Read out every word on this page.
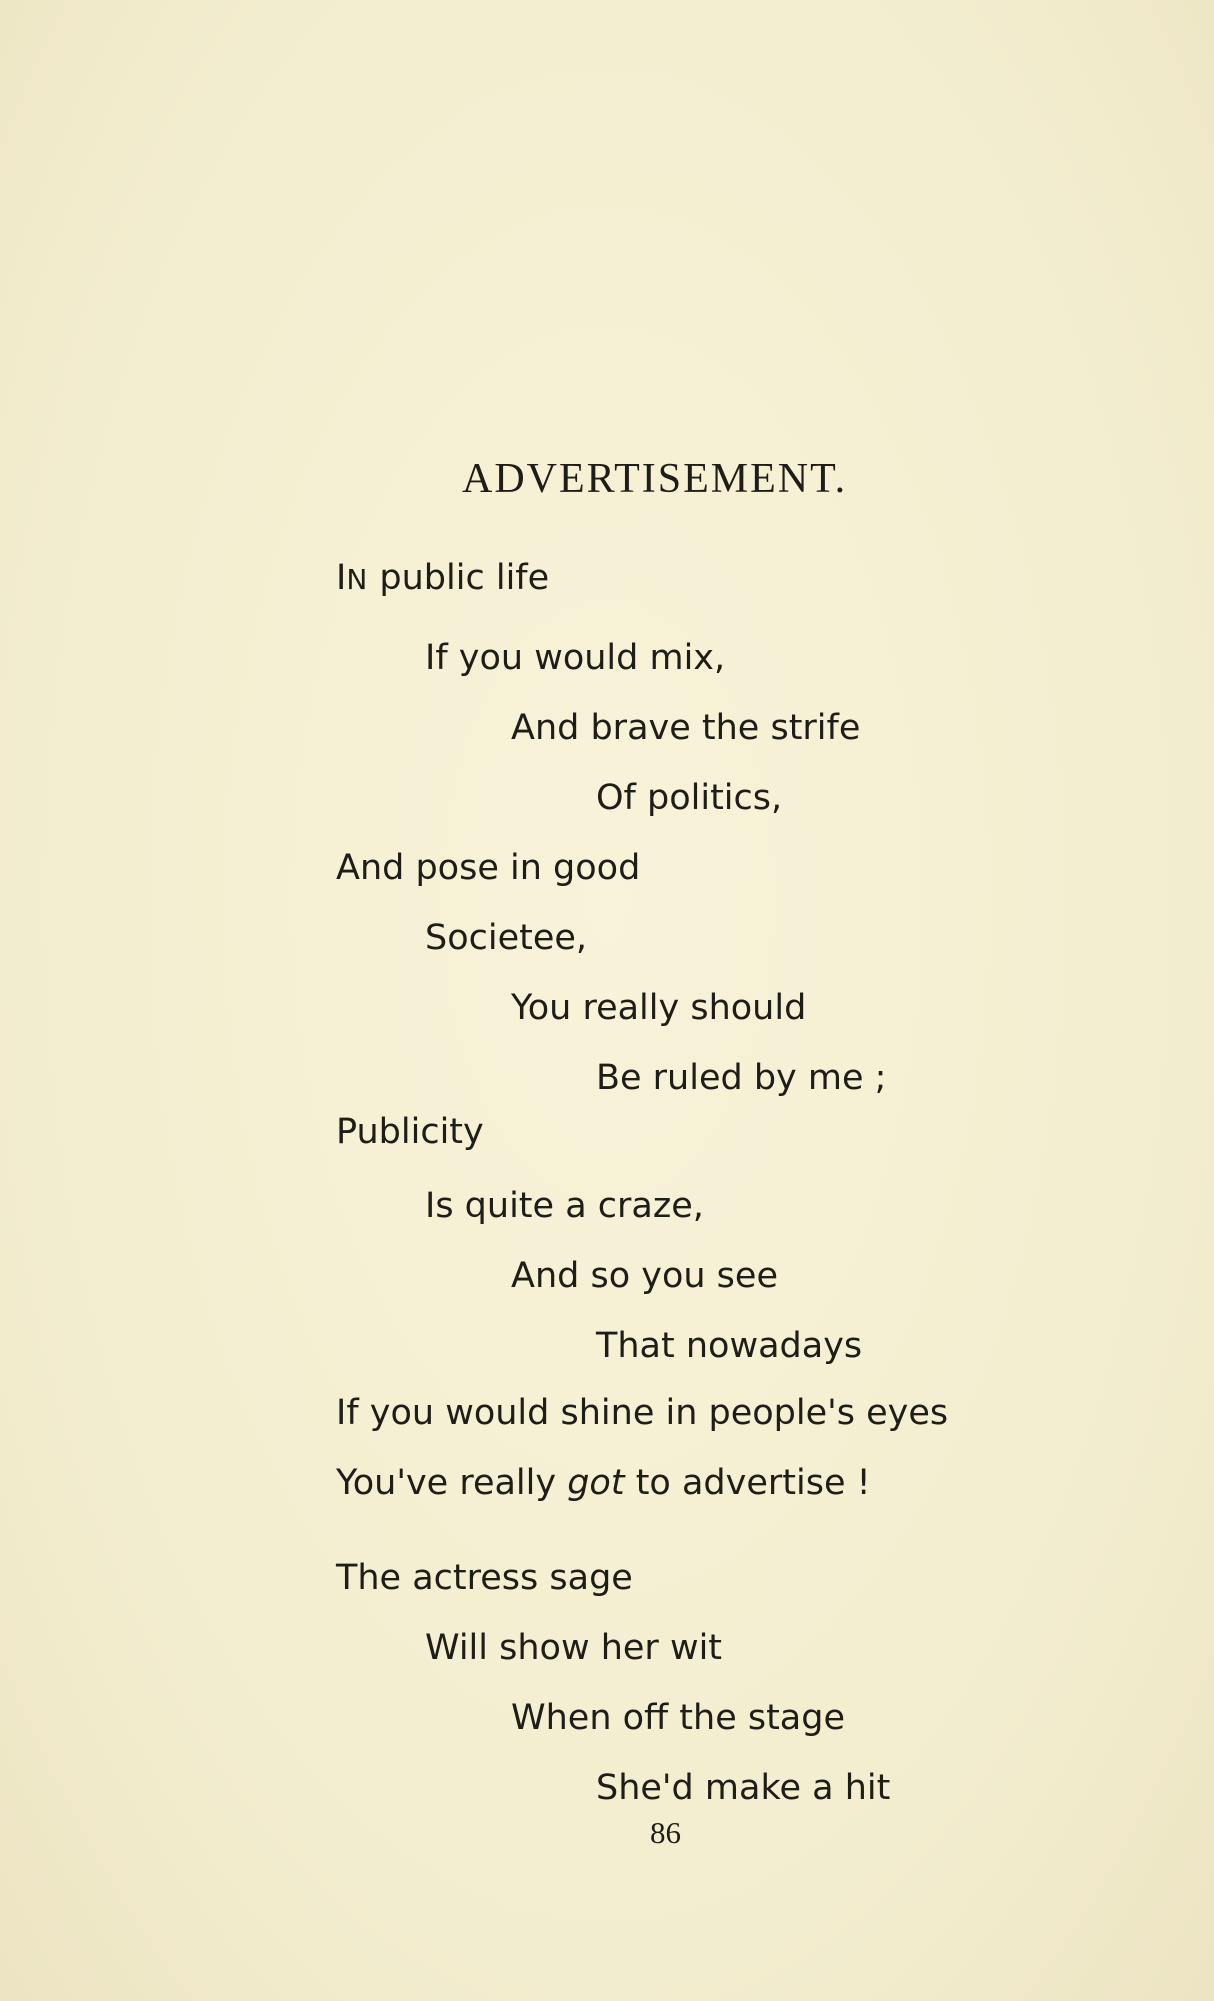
ADVERTISEMENT.
IN public life
If you would mix,
And brave the strife
Of politics,
And pose in good
Societee,
You really should
Be ruled by me ;
Publicity
Is quite a craze,
And so you see
That nowadays
If you would shine in people's eyes
You've really got to advertise !
The actress sage
Will show her wit
When off the stage
She'd make a hit
86
